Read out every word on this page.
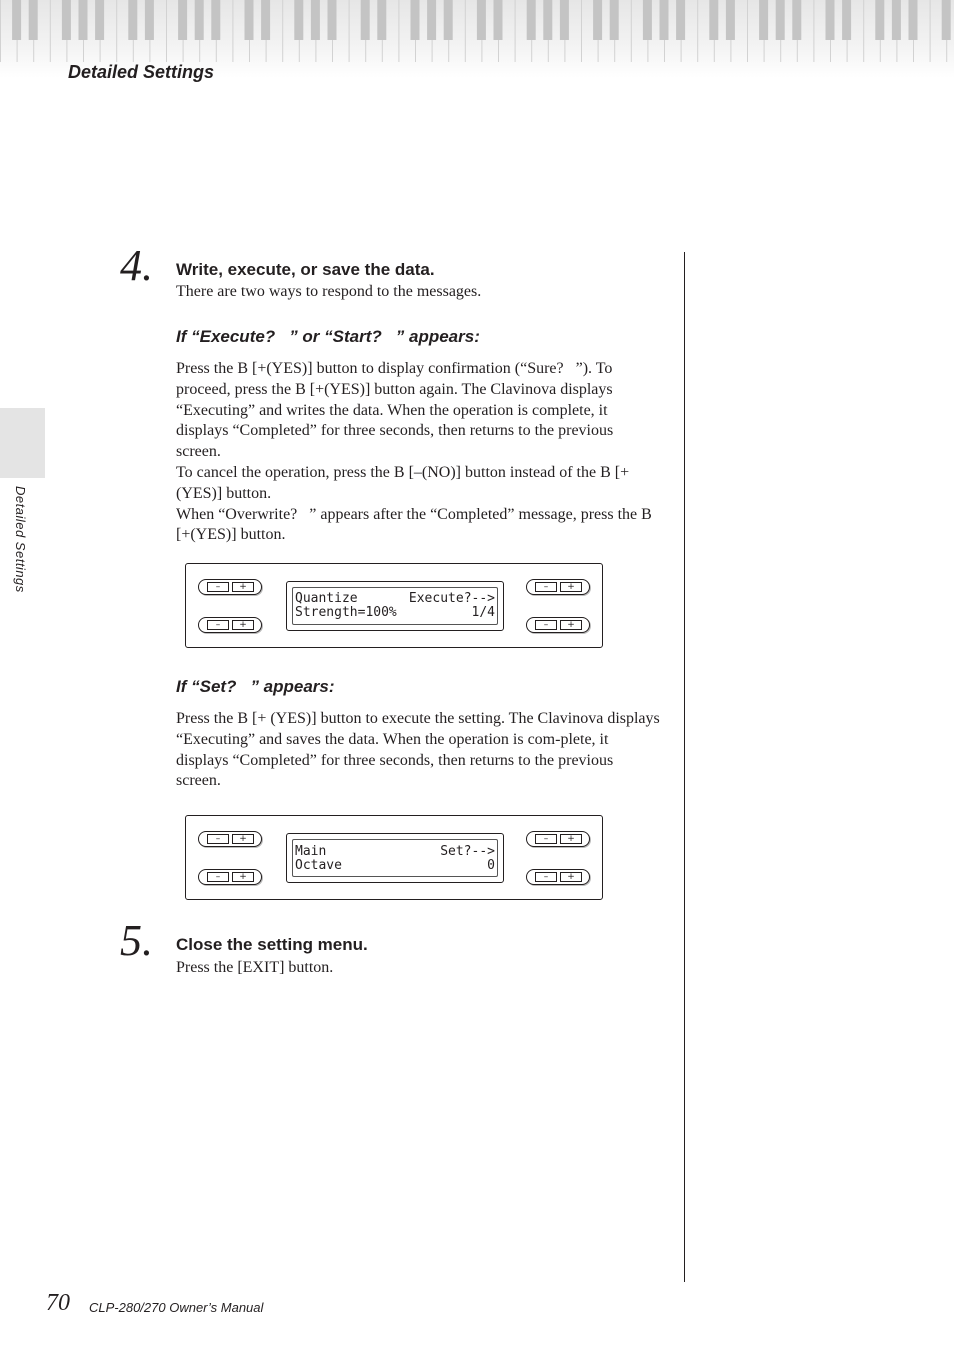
Detailed Settings
Detailed Settings
4. Write, execute, or save the data.
There are two ways to respond to the messages.
If “Execute? ” or “Start? ” appears:

Press the B [+(YES)] button to display confirmation (“Sure? ”). To proceed, press the B [+(YES)] button again. The Clavinova displays “Executing” and writes the data. When the operation is complete, it displays “Completed” for three seconds, then returns to the previous screen.

To cancel the operation, press the B [–(NO)] button instead of the B [+(YES)] button.

When “Overwrite? ” appears after the “Completed” message, press the B [+(YES)] button.

–	+
–	+
–	+
–	+
Quantize	Execute?-->
Strength=100%	1/4
If “Set? ” appears:

Press the B [+ (YES)] button to execute the setting. The Clavinova displays “Executing” and saves the data. When the operation is com-plete, it displays “Completed” for three seconds, then returns to the previous screen.

–	+
–	+
–	+
–	+
Main	Set?-->
Octave	0
5. Close the setting menu.
Press the [EXIT] button.
70 CLP-280/270 Owner’s Manual
